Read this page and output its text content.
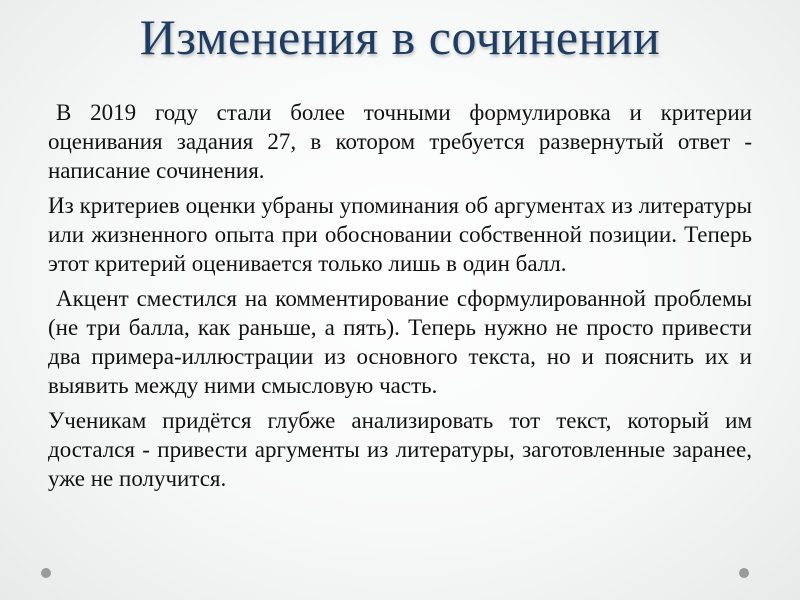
Изменения в сочинении

В 2019 году стали более точными формулировка и критерии оценивания задания 27, в котором требуется развернутый ответ - написание сочинения.

Из критериев оценки убраны упоминания об аргументах из литературы или жизненного опыта при обосновании собственной позиции. Теперь этот критерий оценивается только лишь в один балл.

Акцент сместился на комментирование сформулированной проблемы (не три балла, как раньше, а пять). Теперь нужно не просто привести два примера-иллюстрации из основного текста, но и пояснить их и выявить между ними смысловую часть.

Ученикам придётся глубже анализировать тот текст, который им достался - привести аргументы из литературы, заготовленные заранее, уже не получится.
